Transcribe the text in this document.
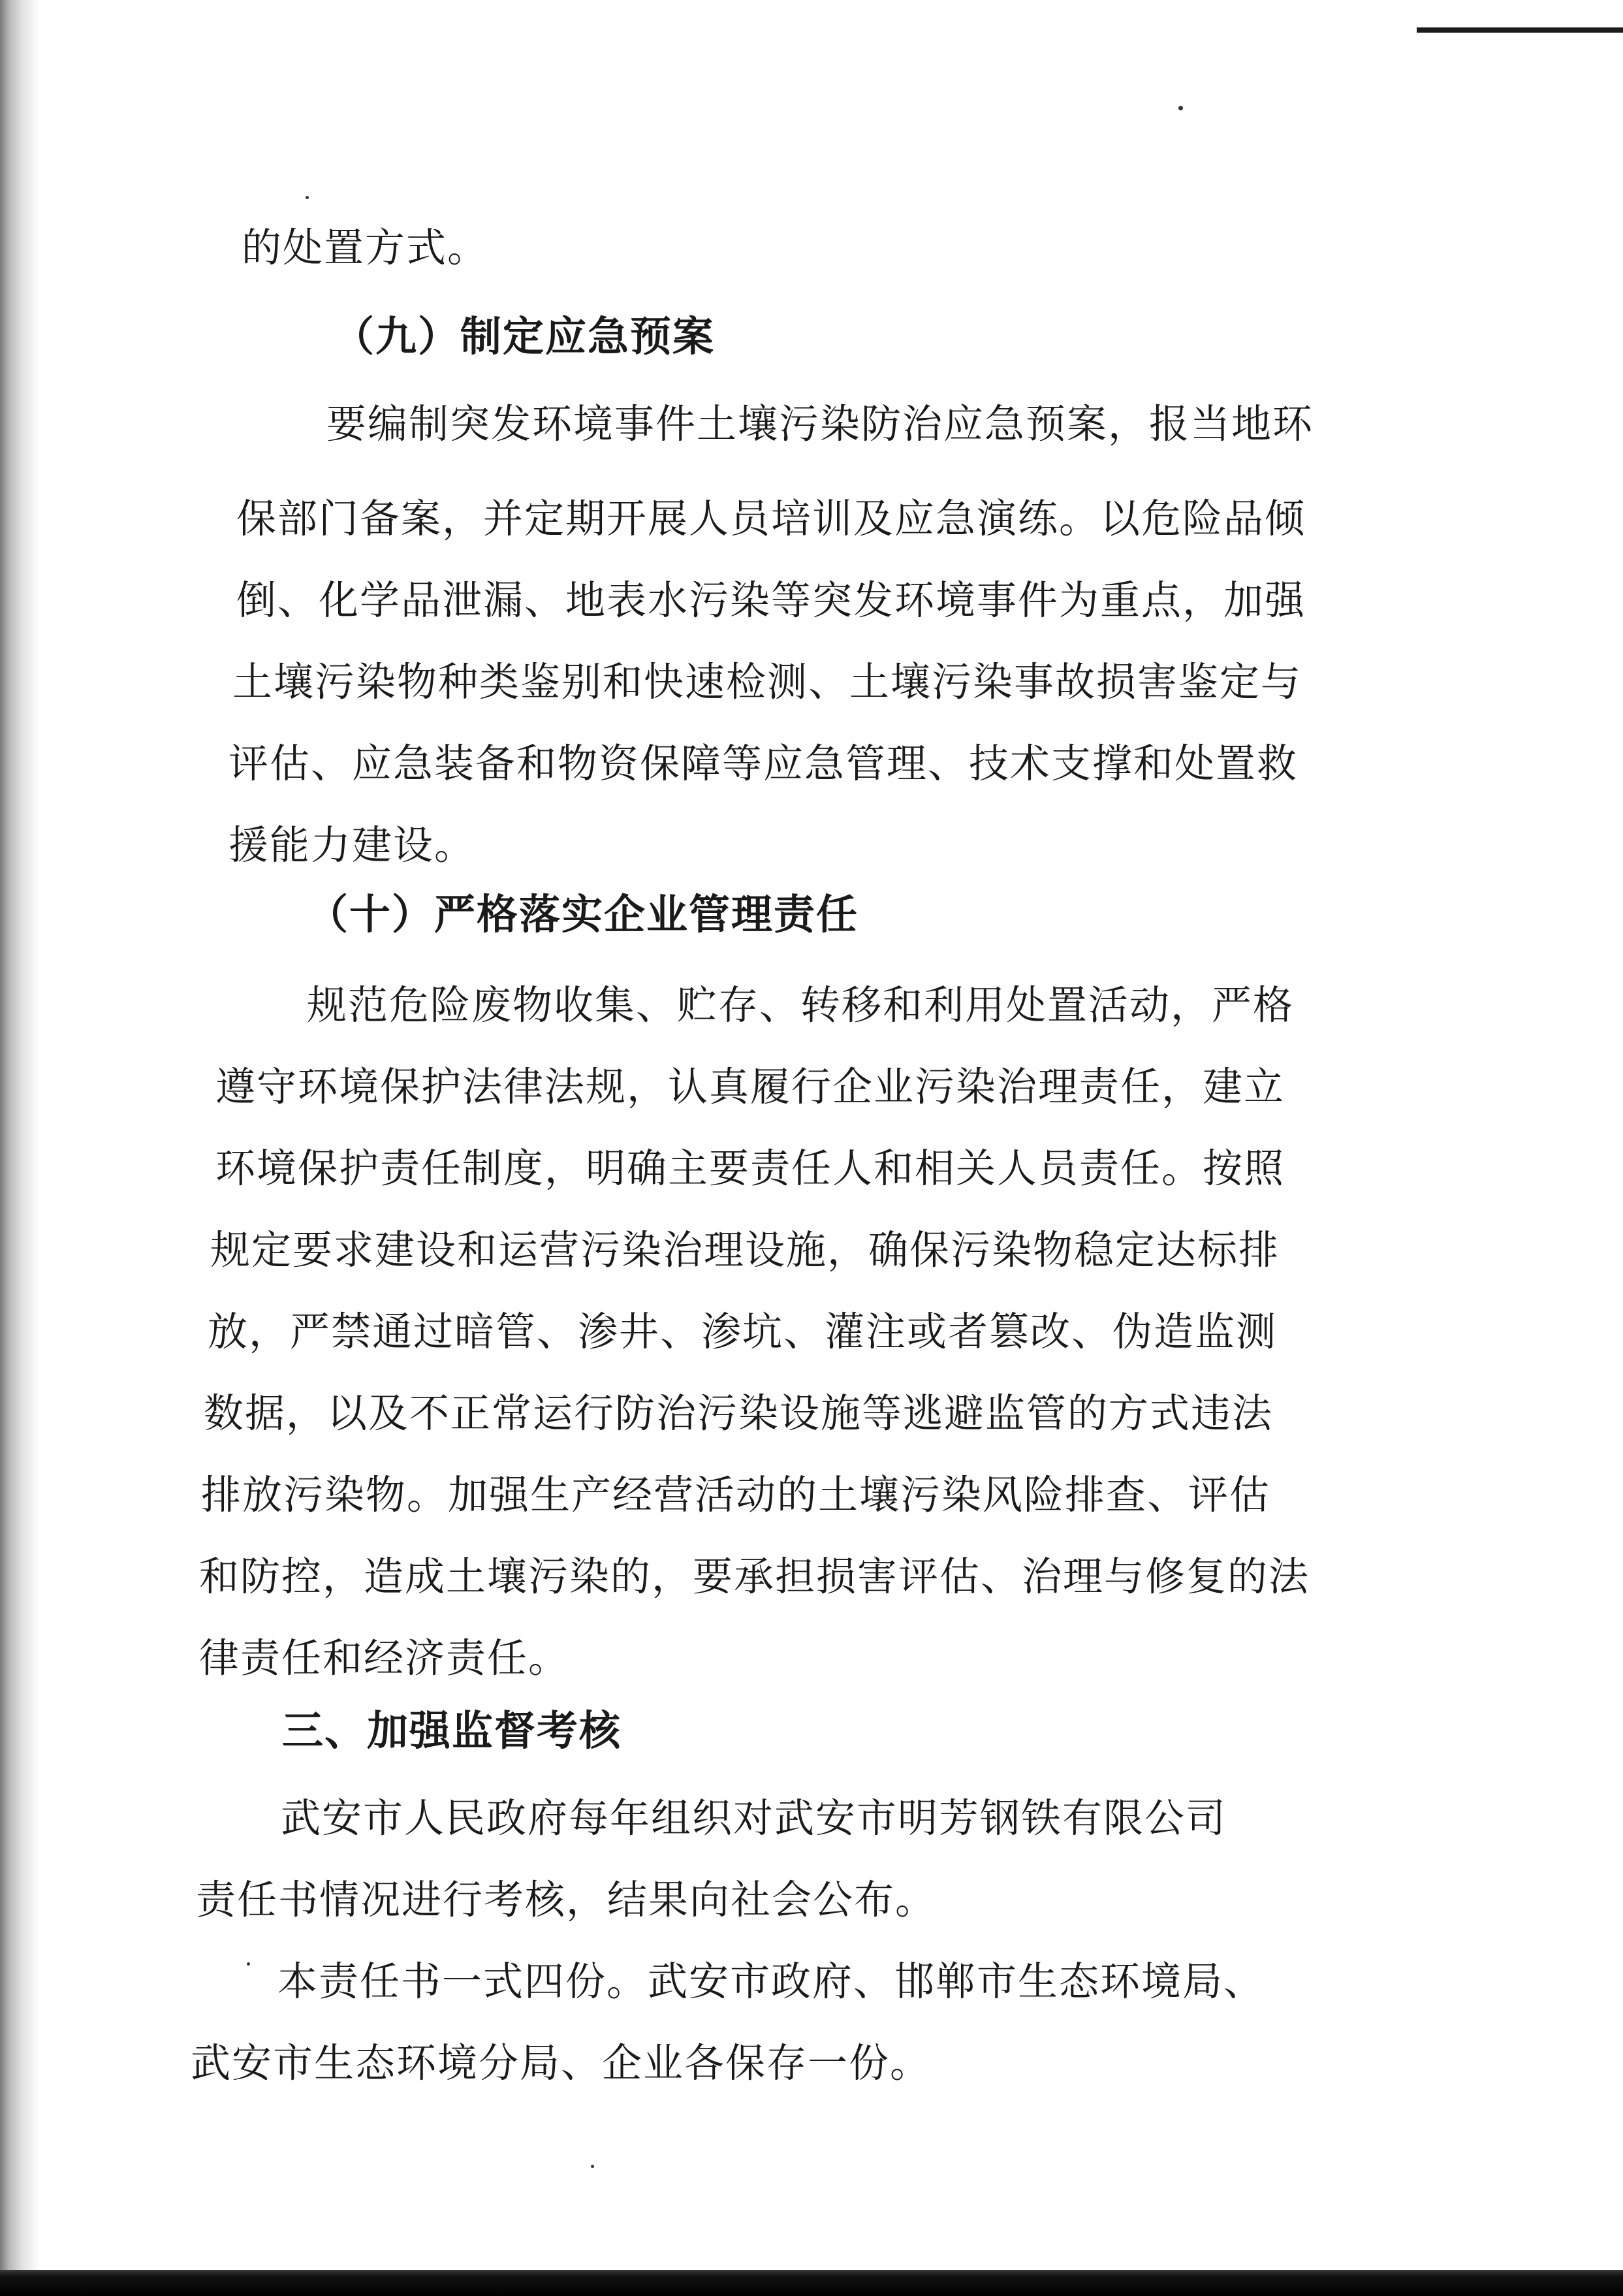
的处置方式。
（九）制定应急预案
要编制突发环境事件土壤污染防治应急预案，报当地环
保部门备案，并定期开展人员培训及应急演练。以危险品倾
倒、化学品泄漏、地表水污染等突发环境事件为重点，加强
土壤污染物种类鉴别和快速检测、土壤污染事故损害鉴定与
评估、应急装备和物资保障等应急管理、技术支撑和处置救
援能力建设。
（十）严格落实企业管理责任
规范危险废物收集、贮存、转移和利用处置活动，严格
遵守环境保护法律法规，认真履行企业污染治理责任，建立
环境保护责任制度，明确主要责任人和相关人员责任。按照
规定要求建设和运营污染治理设施，确保污染物稳定达标排
放，严禁通过暗管、渗井、渗坑、灌注或者篡改、伪造监测
数据，以及不正常运行防治污染设施等逃避监管的方式违法
排放污染物。加强生产经营活动的土壤污染风险排查、评估
和防控，造成土壤污染的，要承担损害评估、治理与修复的法
律责任和经济责任。
三、加强监督考核
武安市人民政府每年组织对武安市明芳钢铁有限公司
责任书情况进行考核，结果向社会公布。
本责任书一式四份。武安市政府、邯郸市生态环境局、
武安市生态环境分局、企业各保存一份。
